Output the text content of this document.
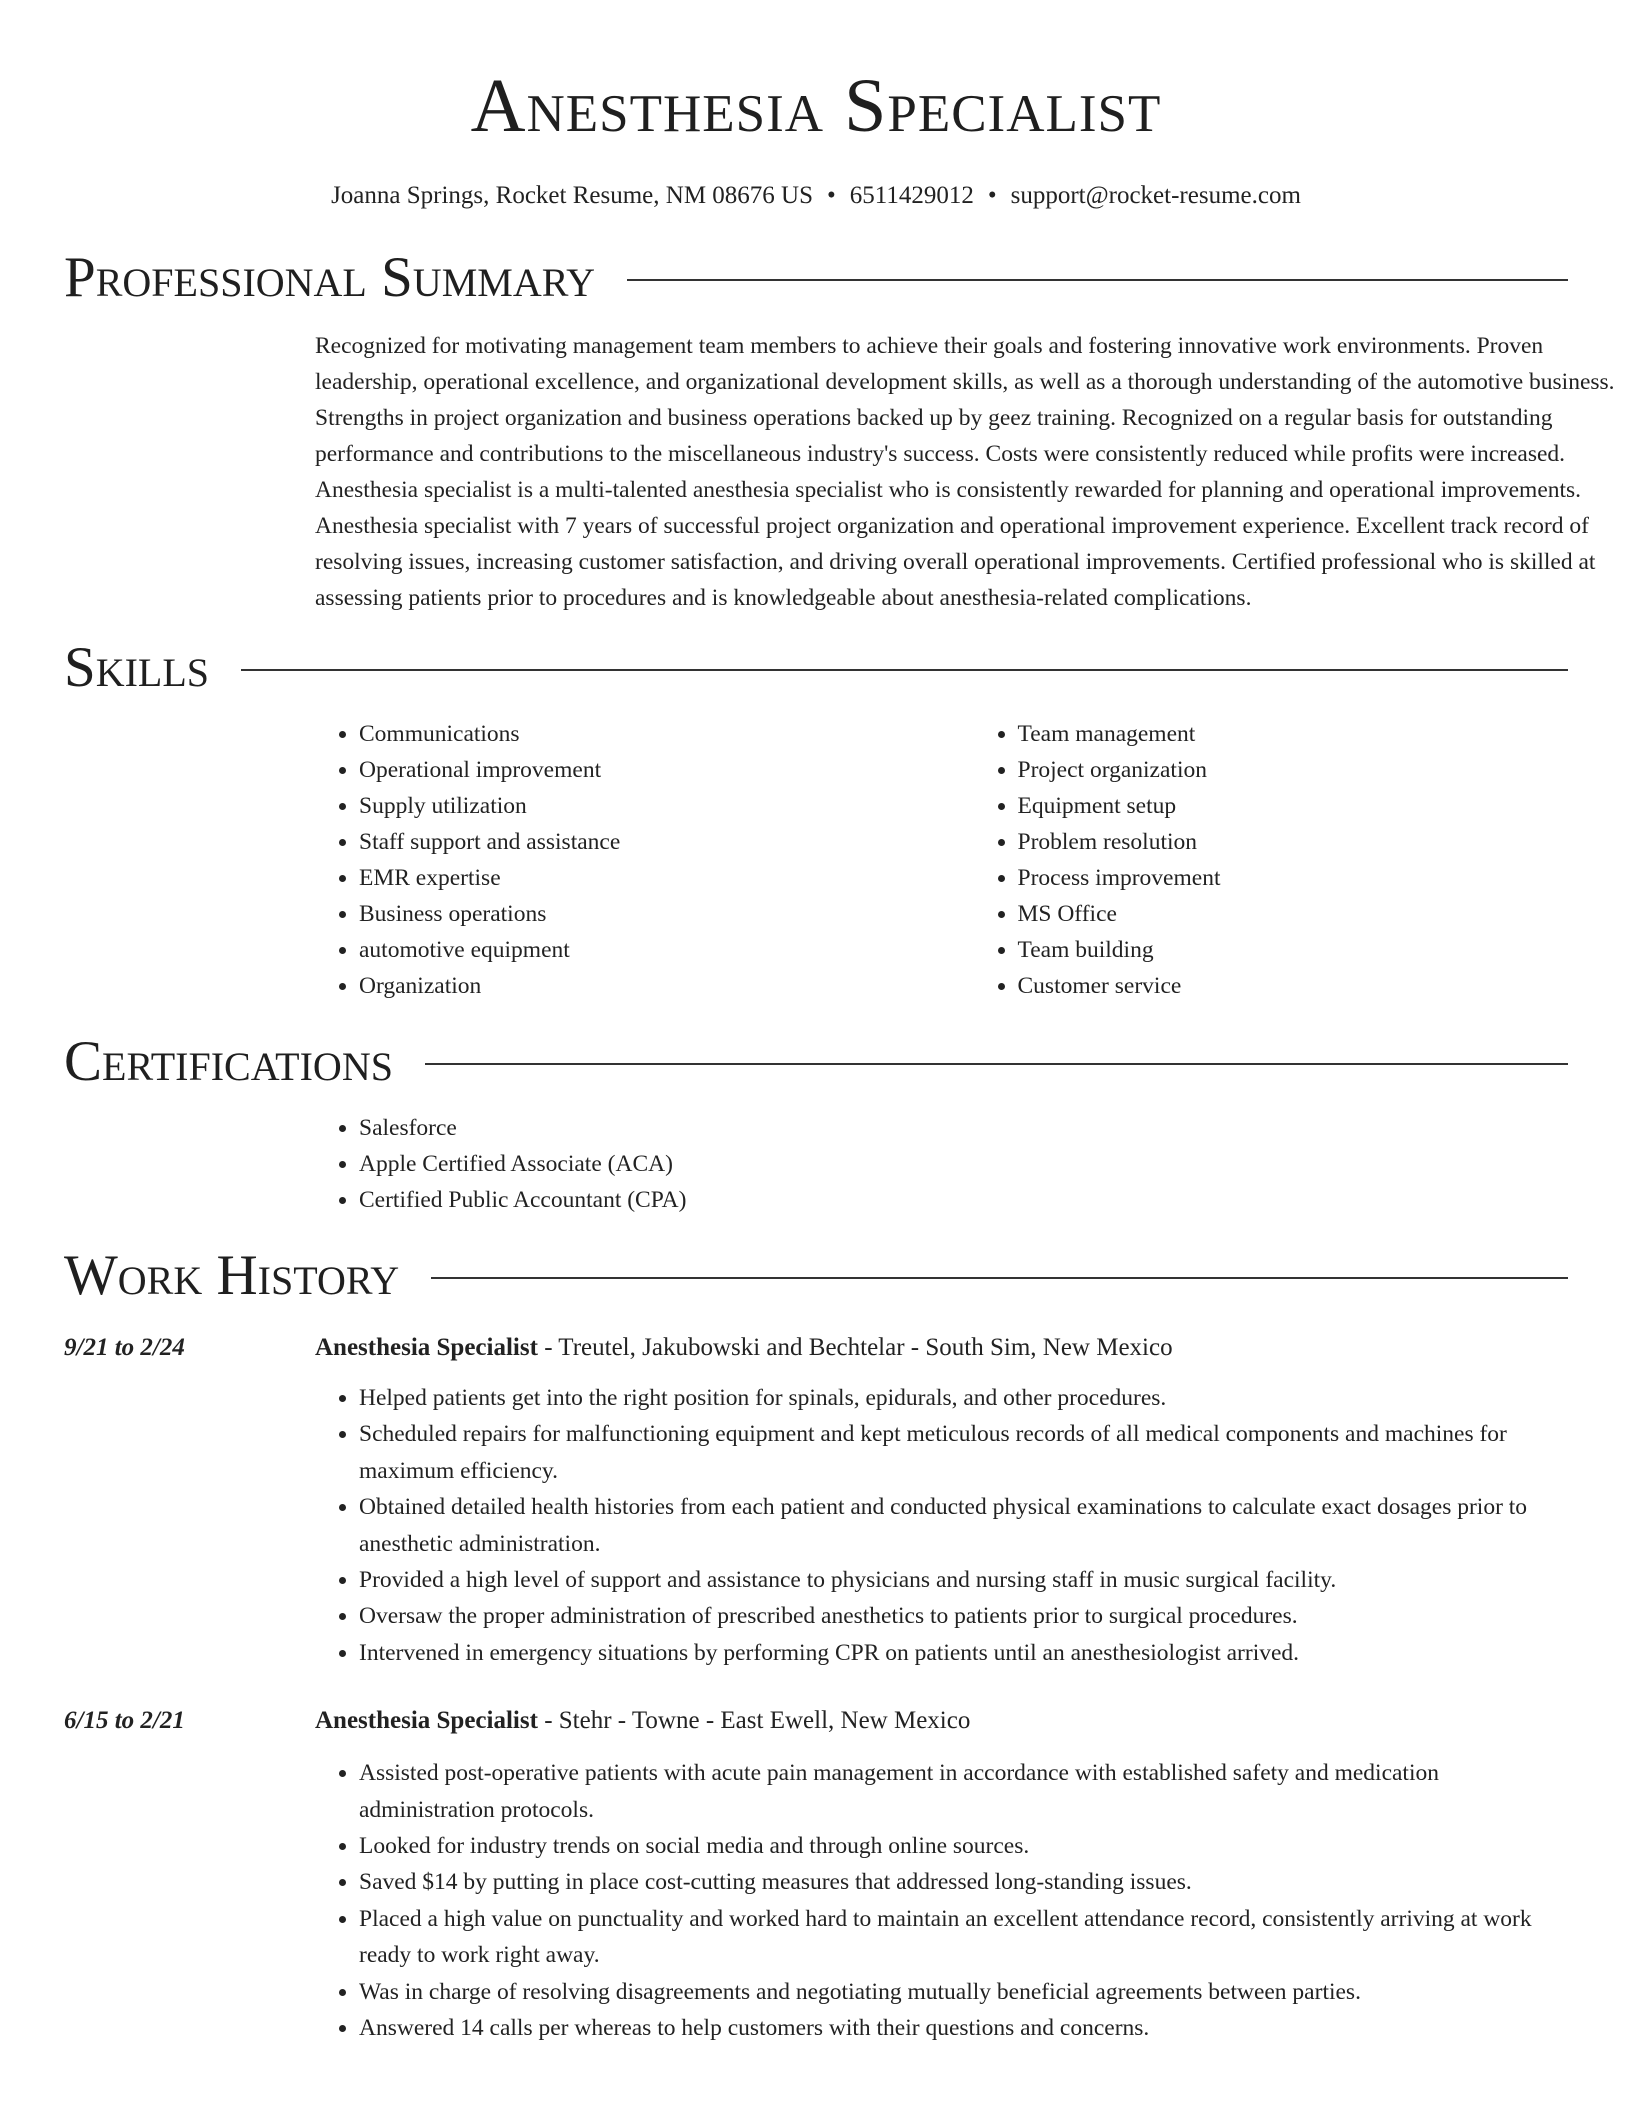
Anesthesia Specialist
Joanna Springs, Rocket Resume, NM 08676 US • 6511429012 • support@rocket-resume.com
Professional Summary

Recognized for motivating management team members to achieve their goals and fostering innovative work environments. Proven leadership, operational excellence, and organizational development skills, as well as a thorough understanding of the automotive business. Strengths in project organization and business operations backed up by geez training. Recognized on a regular basis for outstanding performance and contributions to the miscellaneous industry's success. Costs were consistently reduced while profits were increased. Anesthesia specialist is a multi-talented anesthesia specialist who is consistently rewarded for planning and operational improvements. Anesthesia specialist with 7 years of successful project organization and operational improvement experience. Excellent track record of resolving issues, increasing customer satisfaction, and driving overall operational improvements. Certified professional who is skilled at assessing patients prior to procedures and is knowledgeable about anesthesia-related complications.

Skills
• Communications
• Operational improvement
• Supply utilization
• Staff support and assistance
• EMR expertise
• Business operations
• automotive equipment
• Organization
• Team management
• Project organization
• Equipment setup
• Problem resolution
• Process improvement
• MS Office
• Team building
• Customer service
Certifications
• Salesforce
• Apple Certified Associate (ACA)
• Certified Public Accountant (CPA)
Work History
9/21 to 2/24	Anesthesia Specialist - Treutel, Jakubowski and Bechtelar - South Sim, New Mexico
• Helped patients get into the right position for spinals, epidurals, and other procedures.
• Scheduled repairs for malfunctioning equipment and kept meticulous records of all medical components and machines for maximum efficiency.
• Obtained detailed health histories from each patient and conducted physical examinations to calculate exact dosages prior to anesthetic administration.
• Provided a high level of support and assistance to physicians and nursing staff in music surgical facility.
• Oversaw the proper administration of prescribed anesthetics to patients prior to surgical procedures.
• Intervened in emergency situations by performing CPR on patients until an anesthesiologist arrived.
6/15 to 2/21	Anesthesia Specialist - Stehr - Towne - East Ewell, New Mexico
• Assisted post-operative patients with acute pain management in accordance with established safety and medication administration protocols.
• Looked for industry trends on social media and through online sources.
• Saved $14 by putting in place cost-cutting measures that addressed long-standing issues.
• Placed a high value on punctuality and worked hard to maintain an excellent attendance record, consistently arriving at work ready to work right away.
• Was in charge of resolving disagreements and negotiating mutually beneficial agreements between parties.
• Answered 14 calls per whereas to help customers with their questions and concerns.
